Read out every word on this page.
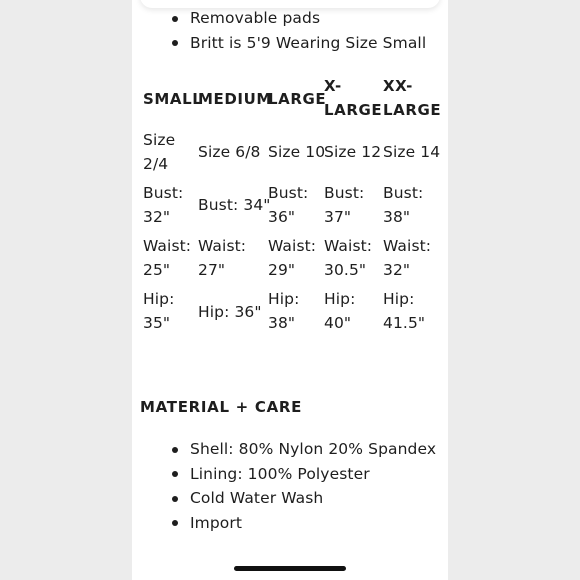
Removable pads
Britt is 5'9 Wearing Size Small
SMALL
MEDIUM
LARGE
X-
LARGE
XX-
LARGE
Size
2/4
Size 6/8 Size 10
Size 12 Size 14
Bust:
32"
Bust: 34"
Bust:
36"
Bust:
37"
Bust:
38"
Waist:
25"
Waist:
27"
Waist:
29"
Waist:
30.5"
Waist:
32"
Hip:
35"
Hip: 36"
Hip:
38"
Hip:
40"
Hip:
41.5"
MATERIAL + CARE
Shell: 80% Nylon 20% Spandex
Lining: 100% Polyester
Cold Water Wash
Import
